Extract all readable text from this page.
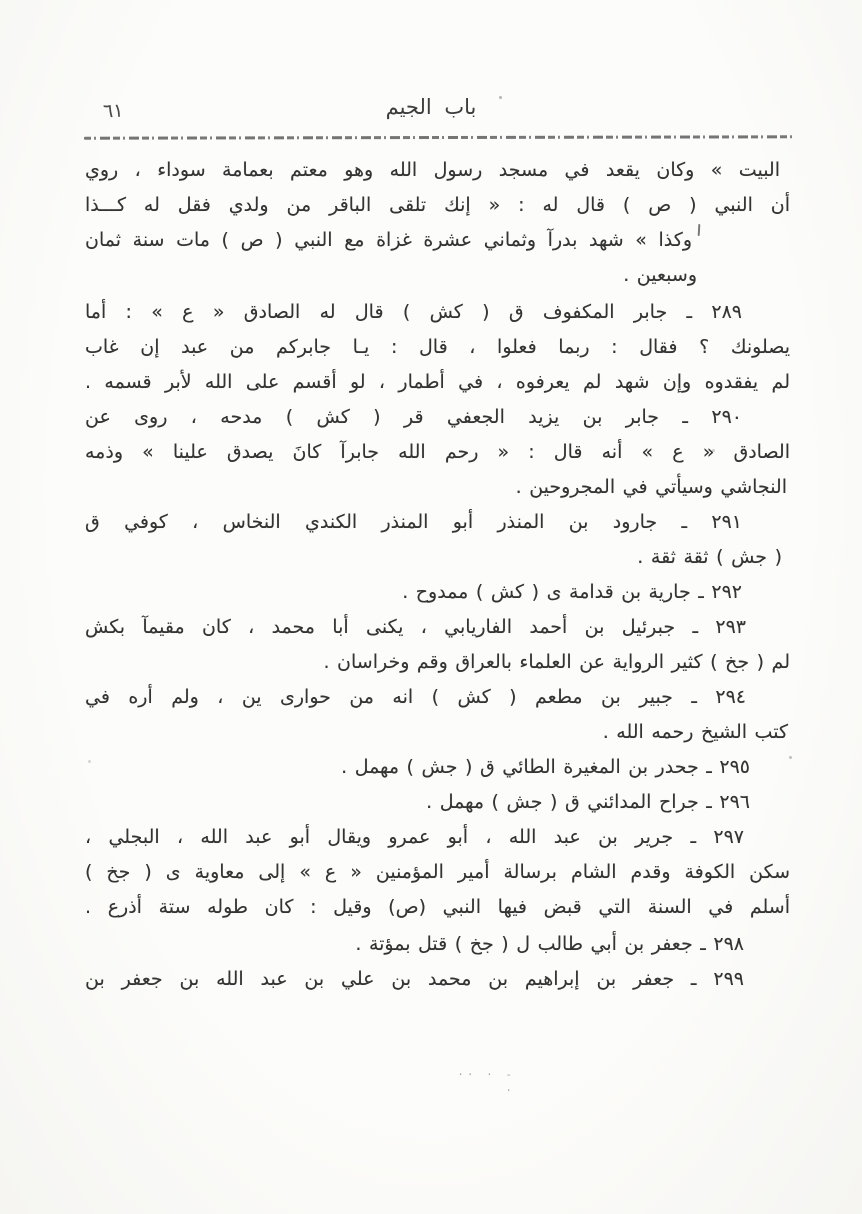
٦١	باب الجيم
البيت » وكان يقعد في مسجد رسول الله وهو معتم بعمامة سوداء ، روي
أن النبي ( ص ) قال له : « إنك تلقى الباقر من ولدي فقل له كـــذا
وكذا » شهد بدرآ وثماني عشرة غزاة مع النبي ( ص ) مات سنة ثمان
وسبعين .
٢٨٩ ـ جابر المكفوف ق ( كش ) قال له الصادق « ع » : أما
يصلونك ؟ فقال : ربما فعلوا ، قال : يـا جابركم من عبد إن غاب
لم يفقدوه وإن شهد لم يعرفوه ، في أطمار ، لو أقسم على الله لأبر قسمه .
٢٩٠ ـ جابر بن يزيد الجعفي قر ( كش ) مدحه ، روى عن
الصادق « ع » أنه قال : « رحم الله جابرآ كانَ يصدق علينا » وذمه
النجاشي وسيأتي في المجروحين .
٢٩١ ـ جارود بن المنذر أبو المنذر الكندي النخاس ، كوفي ق
( جش ) ثقة ثقة .
٢٩٢ ـ جارية بن قدامة ى ( كش ) ممدوح .
٢٩٣ ـ جبرئيل بن أحمد الفاريابي ، يكنى أبا محمد ، كان مقيمآ بكش
لم ( جخ ) كثير الرواية عن العلماء بالعراق وقم وخراسان .
٢٩٤ ـ جبير بن مطعم ( كش ) انه من حوارى ين ، ولم أره في
كتب الشيخ رحمه الله .
٢٩٥ ـ جحدر بن المغيرة الطائي ق ( جش ) مهمل .
٢٩٦ ـ جراح المدائني ق ( جش ) مهمل .
٢٩٧ ـ جرير بن عبد الله ، أبو عمرو ويقال أبو عبد الله ، البجلي ،
سكن الكوفة وقدم الشام برسالة أمير المؤمنين « ع » إلى معاوية ى ( جخ )
أسلم في السنة التي قبض فيها النبي (ص) وقيل : كان طوله ستة أذرع .
٢٩٨ ـ جعفر بن أبي طالب ل ( جخ ) قتل بمؤتة .
٢٩٩ ـ جعفر بن إبراهيم بن محمد بن علي بن عبد الله بن جعفر بن
- · ·· .
